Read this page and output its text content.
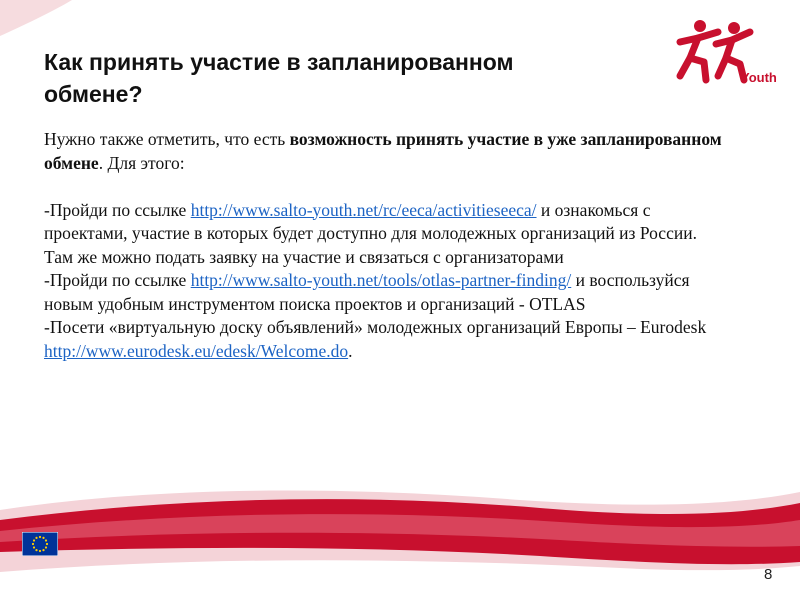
Youth
Как принять участие в запланированном обмене?

Нужно также отметить, что есть возможность принять участие в уже запланированном обмене. Для этого:

-Пройди по ссылке http://www.salto-youth.net/rc/eeca/activitieseeca/ и ознакомься с проектами, участие в которых будет доступно для молодежных организаций из России. Там же можно подать заявку на участие и связаться с организаторами

-Пройди по ссылке http://www.salto-youth.net/tools/otlas-partner-finding/ и воспользуйся новым удобным инструментом поиска проектов и организаций - OTLAS

-Посети «виртуальную доску объявлений» молодежных организаций Европы – Eurodesk http://www.eurodesk.eu/edesk/Welcome.do.

8
